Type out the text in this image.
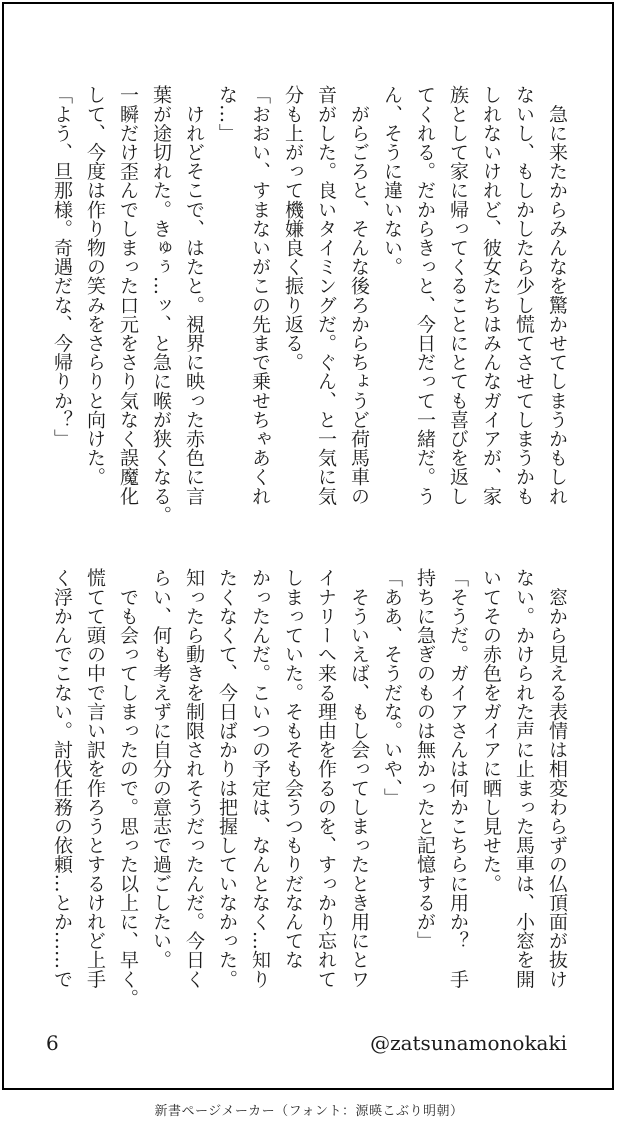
　急に来たからみんなを驚かせてしまうかもしれ

ないし、もしかしたら少し慌てさせてしまうかも

しれないけれど、彼女たちはみんなガイアが、家

族として家に帰ってくることにとても喜びを返し

てくれる。だからきっと、今日だって一緒だ。う

ん、そうに違いない。

　がらごろと、そんな後ろからちょうど荷馬車の

音がした。良いタイミングだ。ぐん、と一気に気

分も上がって機嫌良く振り返る。

「おおい、すまないがこの先まで乗せちゃあくれ

な…」

　けれどそこで、はたと。視界に映った赤色に言

葉が途切れた。きゅぅ…ッ、と急に喉が狭くなる。

一瞬だけ歪んでしまった口元をさり気なく誤魔化

して、今度は作り物の笑みをさらりと向けた。

「よう、旦那様。奇遇だな、今帰りか？」

　窓から見える表情は相変わらずの仏頂面が抜け

ない。かけられた声に止まった馬車は、小窓を開

いてその赤色をガイアに晒し見せた。

「そうだ。ガイアさんは何かこちらに用か？　手

持ちに急ぎのものは無かったと記憶するが」

「ああ、そうだな。いや、」

　そういえば、もし会ってしまったとき用にとワ

イナリーへ来る理由を作るのを、すっかり忘れて

しまっていた。そもそも会うつもりだなんてな

かったんだ。こいつの予定は、なんとなく…知り

たくなくて、今日ばかりは把握していなかった。

知ったら動きを制限されそうだったんだ。今日く

らい、何も考えずに自分の意志で過ごしたい。

　でも会ってしまったので。思った以上に、早く。

慌てて頭の中で言い訳を作ろうとするけれど上手

く浮かんでこない。討伐任務の依頼…とか……で

6	@zatsunamonokaki
新書ページメーカー（フォント：源暎こぶり明朝）
